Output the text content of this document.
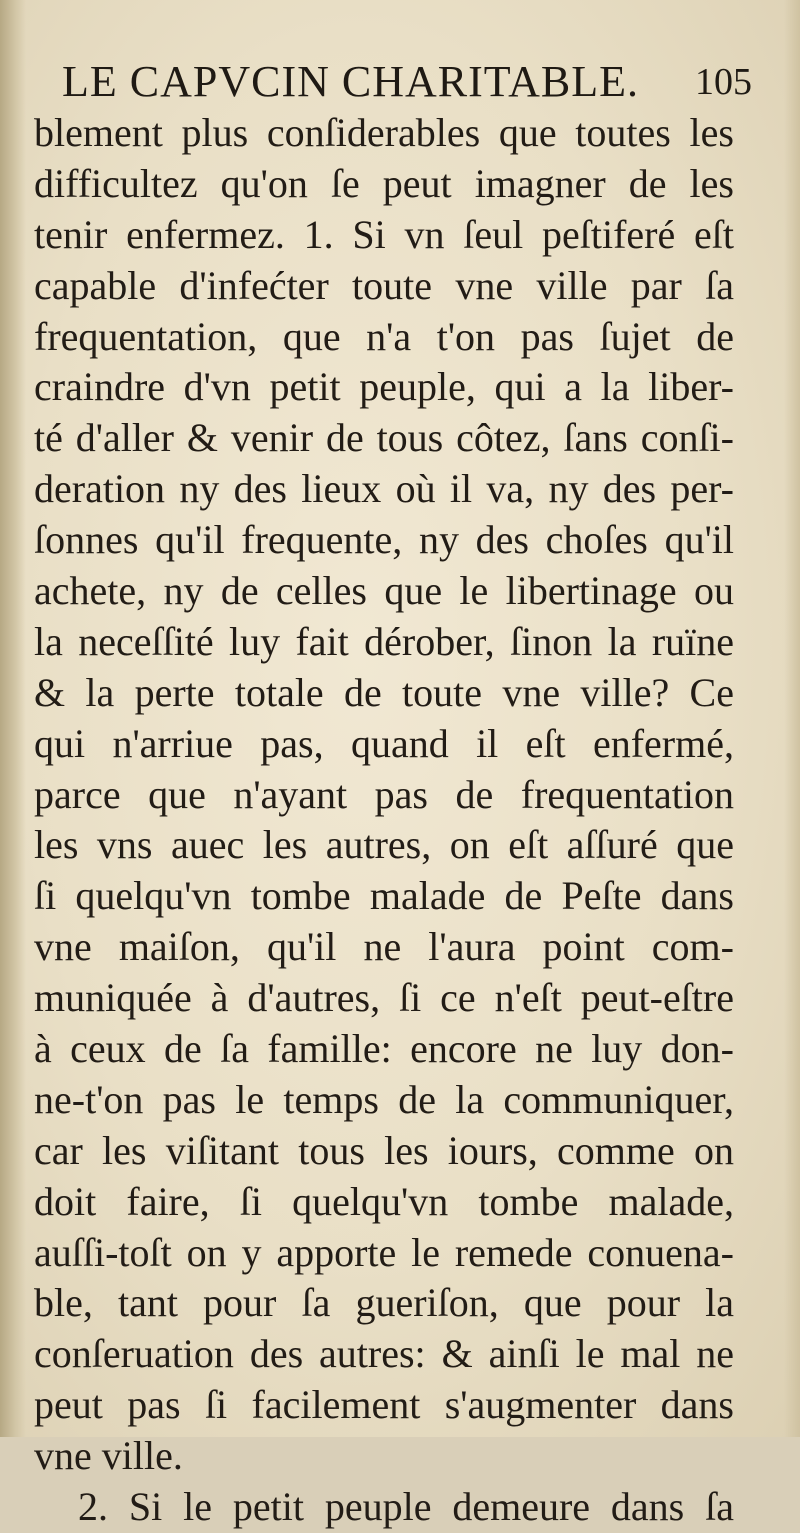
LE CAPVCIN CHARITABLE. 105
blement plus conſiderables que toutes les
difficultez qu'on ſe peut imagner de les
tenir enfermez. 1. Si vn ſeul peſtiferé eſt
capable d'infećter toute vne ville par ſa
frequentation, que n'a t'on pas ſujet de
craindre d'vn petit peuple, qui a la liber-
té d'aller & venir de tous côtez, ſans conſi-
deration ny des lieux où il va, ny des per-
ſonnes qu'il frequente, ny des choſes qu'il
achete, ny de celles que le libertinage ou
la neceſſité luy fait dérober, ſinon la ruïne
& la perte totale de toute vne ville? Ce
qui n'arriue pas, quand il eſt enfermé,
parce que n'ayant pas de frequentation
les vns auec les autres, on eſt aſſuré que
ſi quelqu'vn tombe malade de Peſte dans
vne maiſon, qu'il ne l'aura point com-
muniquée à d'autres, ſi ce n'eſt peut-eſtre
à ceux de ſa famille: encore ne luy don-
ne-t'on pas le temps de la communiquer,
car les viſitant tous les iours, comme on
doit faire, ſi quelqu'vn tombe malade,
auſſi-toſt on y apporte le remede conuena-
ble, tant pour ſa gueriſon, que pour la
conſeruation des autres: & ainſi le mal ne
peut pas ſi facilement s'augmenter dans
vne ville.
2. Si le petit peuple demeure dans ſa
